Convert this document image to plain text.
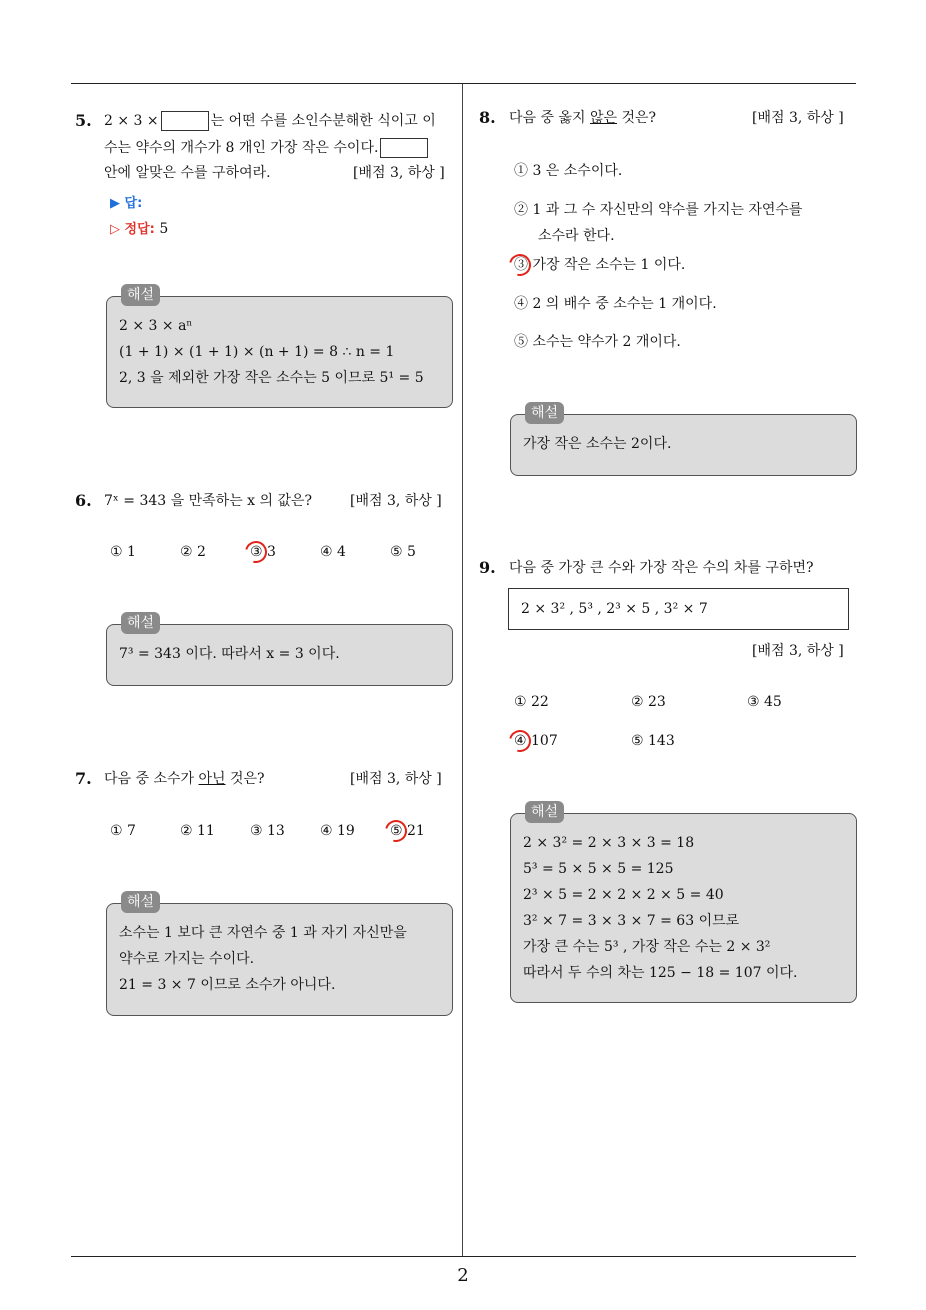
5. 2 × 3 ×	는 어떤 수를 소인수분해한 식이고 이
수는 약수의 개수가 8 개인 가장 작은 수이다.
안에 알맞은 수를 구하여라.	[배점 3, 하상 ]
▶ 답:
▷ 정답: 5
해설
2 × 3 × aⁿ
(1 + 1) × (1 + 1) × (n + 1) = 8 ∴ n = 1
2, 3 을 제외한 가장 작은 소수는 5 이므로 5¹ = 5
6. 7ˣ = 343 을 만족하는 x 의 값은?	[배점 3, 하상 ]
① 1	② 2	③ 3	④ 4	⑤ 5
해설
7³ = 343 이다. 따라서 x = 3 이다.
7. 다음 중 소수가 아닌 것은?	[배점 3, 하상 ]
① 7	② 11	③ 13	④ 19	⑤ 21
해설
소수는 1 보다 큰 자연수 중 1 과 자기 자신만을
약수로 가지는 수이다.
21 = 3 × 7 이므로 소수가 아니다.
8. 다음 중 옳지 않은 것은?	[배점 3, 하상 ]
① 3 은 소수이다.
② 1 과 그 수 자신만의 약수를 가지는 자연수를
소수라 한다.
③ 가장 작은 소수는 1 이다.
④ 2 의 배수 중 소수는 1 개이다.
⑤ 소수는 약수가 2 개이다.
해설
가장 작은 소수는 2이다.
9. 다음 중 가장 큰 수와 가장 작은 수의 차를 구하면?
2 × 3² , 5³ , 2³ × 5 , 3² × 7
[배점 3, 하상 ]
① 22	② 23	③ 45
④ 107	⑤ 143
해설
2 × 3² = 2 × 3 × 3 = 18
5³ = 5 × 5 × 5 = 125
2³ × 5 = 2 × 2 × 2 × 5 = 40
3² × 7 = 3 × 3 × 7 = 63 이므로
가장 큰 수는 5³ , 가장 작은 수는 2 × 3²
따라서 두 수의 차는 125 − 18 = 107 이다.
2
